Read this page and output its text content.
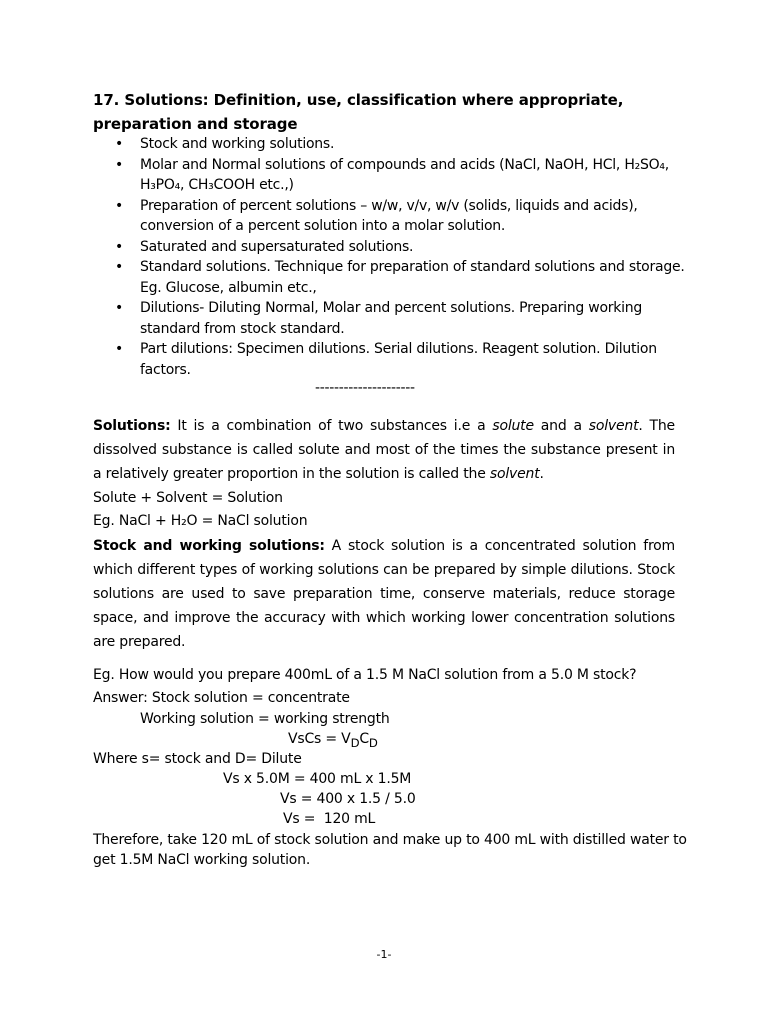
17. Solutions: Definition, use, classification where appropriate, preparation and storage
• Stock and working solutions.
• Molar and Normal solutions of compounds and acids (NaCl, NaOH, HCl, H₂SO₄, H₃PO₄, CH₃COOH etc.,)
• Preparation of percent solutions – w/w, v/v, w/v (solids, liquids and acids), conversion of a percent solution into a molar solution.
• Saturated and supersaturated solutions.
• Standard solutions. Technique for preparation of standard solutions and storage. Eg. Glucose, albumin etc.,
• Dilutions- Diluting Normal, Molar and percent solutions. Preparing working standard from stock standard.
• Part dilutions: Specimen dilutions. Serial dilutions. Reagent solution. Dilution factors.
---------------------
Solutions: It is a combination of two substances i.e a solute and a solvent. The dissolved substance is called solute and most of the times the substance present in a relatively greater proportion in the solution is called the solvent.
Solute + Solvent = Solution
Eg. NaCl + H₂O = NaCl solution
Stock and working solutions: A stock solution is a concentrated solution from which different types of working solutions can be prepared by simple dilutions. Stock solutions are used to save preparation time, conserve materials, reduce storage space, and improve the accuracy with which working lower concentration solutions are prepared.
Eg. How would you prepare 400mL of a 1.5 M NaCl solution from a 5.0 M stock?
Answer: Stock solution = concentrate
Working solution = working strength
VsCs = $V_DC_D$
Where s= stock and D= Dilute
Vs x 5.0M = 400 mL x 1.5M
Vs = 400 x 1.5 / 5.0
Vs =  120 mL
Therefore, take 120 mL of stock solution and make up to 400 mL with distilled water to get 1.5M NaCl working solution.
-1-
